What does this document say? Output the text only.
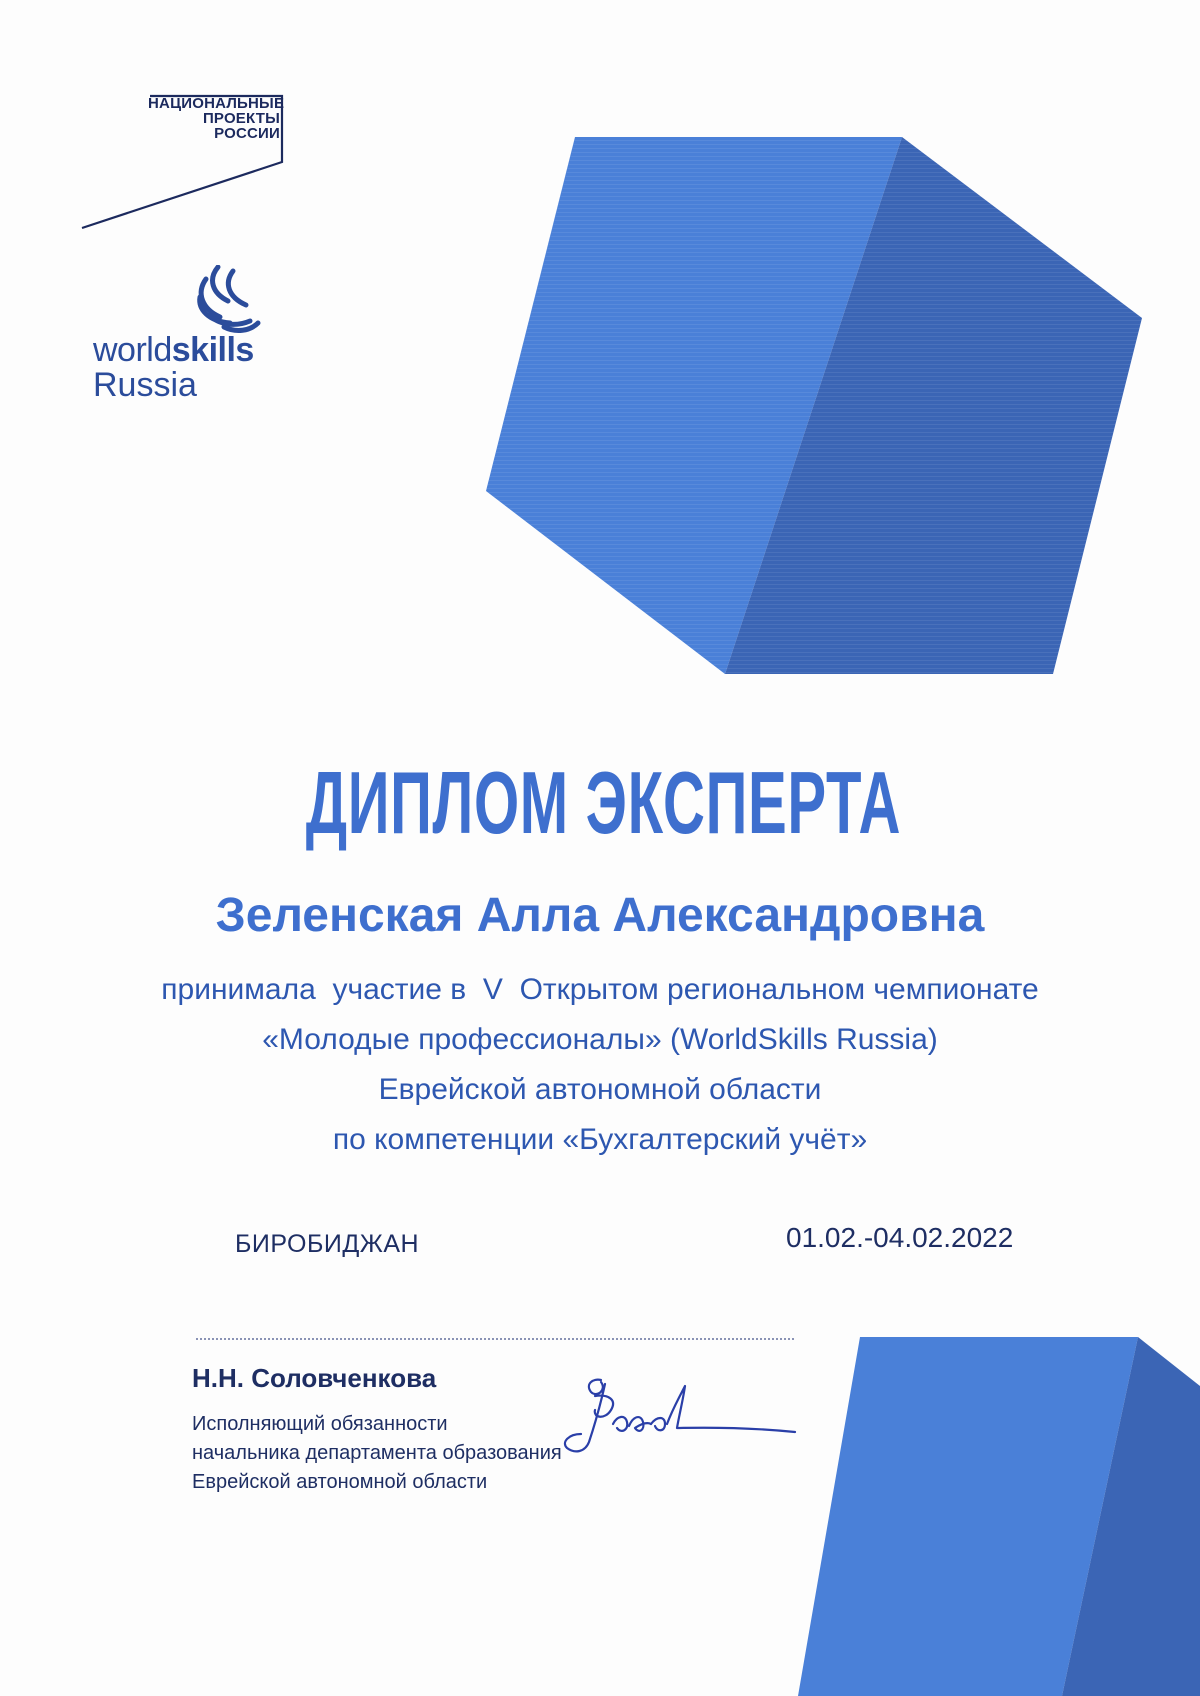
НАЦИОНАЛЬНЫЕ
ПРОЕКТЫ
РОССИИ
worldskills
Russia
ДИПЛОМ ЭКСПЕРТА
Зеленская Алла Александровна
принимала  участие в  V  Открытом региональном чемпионате
«Молодые профессионалы» (WorldSkills Russia)
Еврейской автономной области
по компетенции «Бухгалтерский учёт»
БИРОБИДЖАН	01.02.-04.02.2022
Н.Н. Соловченкова
Исполняющий обязанности
начальника департамента образования
Еврейской автономной области
